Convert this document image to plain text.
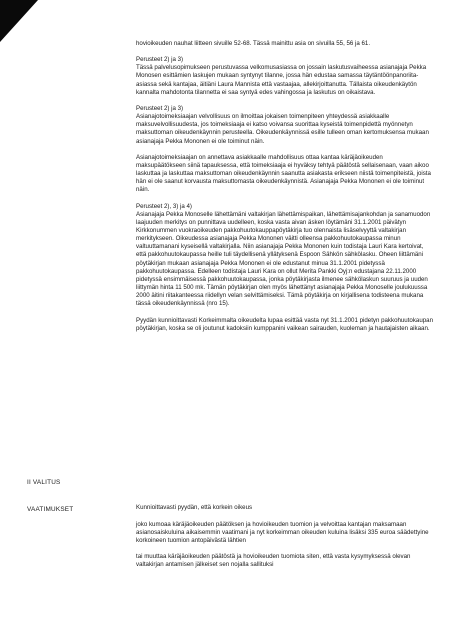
hovioikeuden nauhat liitteen sivuille 52-68. Tässä mainittu asia on sivuilla 55, 56 ja 61.

Perusteet 2) ja 3)
Tässä palvelusopimukseen perustuvassa velkomusasiassa on jossain laskutusvaiheessa asianajaja Pekka Monosen esittämien laskujen mukaan syntynyt tilanne, jossa hän edustaa samassa täytäntöönpanoriita-asiassa sekä kantajaa, äitiäni Laura Mannista että vastaajaa, allekirjoittanutta. Tällaista oikeudenkäytön kannalta mahdotonta tilannetta ei saa syntyä edes vahingossa ja laskutus on oikaistava.

Perusteet 2) ja 3)
Asianajotoimeksiaajan velvollisuus on ilmoittaa jokaisen toimenpiteen yhteydessä asiakkaalle maksuvelvollisuudesta, jos toimeksiaaja ei katso voivansa suorittaa kyseistä toimenpidettä myönnetyn maksuttoman oikeudenkäynnin perusteella. Oikeudenkäynnissä esille tulleen oman kertomuksensa mukaan asianajaja Pekka Mononen ei ole toiminut näin.

Asianajotoimeksiaajan on annettava asiakkaalle mahdollisuus ottaa kantaa käräjäoikeuden maksupäätökseen siinä tapauksessa, että toimeksiaaja ei hyväksy tehtyä päätöstä sellaisenaan, vaan aikoo laskuttaa ja laskuttaa maksuttoman oikeudenkäynnin saanutta asiakasta erikseen niistä toimenpiteistä, joista hän ei ole saanut korvausta maksuttomasta oikeudenkäynnistä. Asianajaja Pekka Mononen ei ole toiminut näin.

Perusteet 2), 3) ja 4)
Asianajaja Pekka Monoselle lähettämäni valtakirjan lähettämispaikan, lähettämisajankohdan ja sanamuodon laajuuden merkitys on punnittava uudelleen, koska vasta aivan äsken löytämäni 31.1.2001 päivätyn Kirkkonummen vuokraoikeuden pakkohuutokauppapöytäkirja tuo olennaista lisäselvyyttä valtakirjan merkitykseen. Oikeudessa asianajaja Pekka Mononen väitti olleensa pakkohuutokaupassa minun valtuuttamanani kyseisellä valtakirjalla. Niin asianajaja Pekka Mononen kuin todistaja Lauri Kara kertoivat, että pakkohuutokaupassa heille tuli täydellisenä yllätyksenä Espoon Sähkön sähkölasku. Oheen liittämäni pöytäkirjan mukaan asianajaja Pekka Mononen ei ole edustanut minua 31.1.2001 pidetyssä pakkohuutokaupassa. Edelleen todistaja Lauri Kara on ollut Merita Pankki Oyj:n edustajana 22.11.2000 pidetyssä ensimmäisessä pakkohuutokaupassa, jonka pöytäkirjasta ilmenee sähkölaskun suuruus ja uuden liittymän hinta 11 500 mk. Tämän pöytäkirjan olen myös lähettänyt asianajaja Pekka Monoselle joulukuussa 2000 äitini riitakanteessa riidellyn velan selvittämiseksi. Tämä pöytäkirja on kirjallisena todisteena mukana tässä oikeudenkäynnissä (nro 15).

Pyydän kunnioittavasti Korkeimmalta oikeudelta lupaa esittää vasta nyt 31.1.2001 pidetyn pakkohuutokaupan pöytäkirjan, koska se oli joutunut kadoksiin kumppanini vaikean sairauden, kuoleman ja hautajaisten aikaan.

II VALITUS
VAATIMUKSET	Kunnioittavasti pyydän, että korkein oikeus

joko kumoaa käräjäoikeuden päätöksen ja hovioikeuden tuomion ja velvoittaa kantajan maksamaan asianosaiskuluina aikaisemmin vaatimani ja nyt korkeimman oikeuden kuluina lisäksi 335 euroa säädettyine korkoineen tuomion antopäivästä lähtien

tai muuttaa käräjäoikeuden päätöstä ja hovioikeuden tuomiota siten, että vasta kysymyksessä olevan valtakirjan antamisen jälkeiset sen nojalla sallituksi
